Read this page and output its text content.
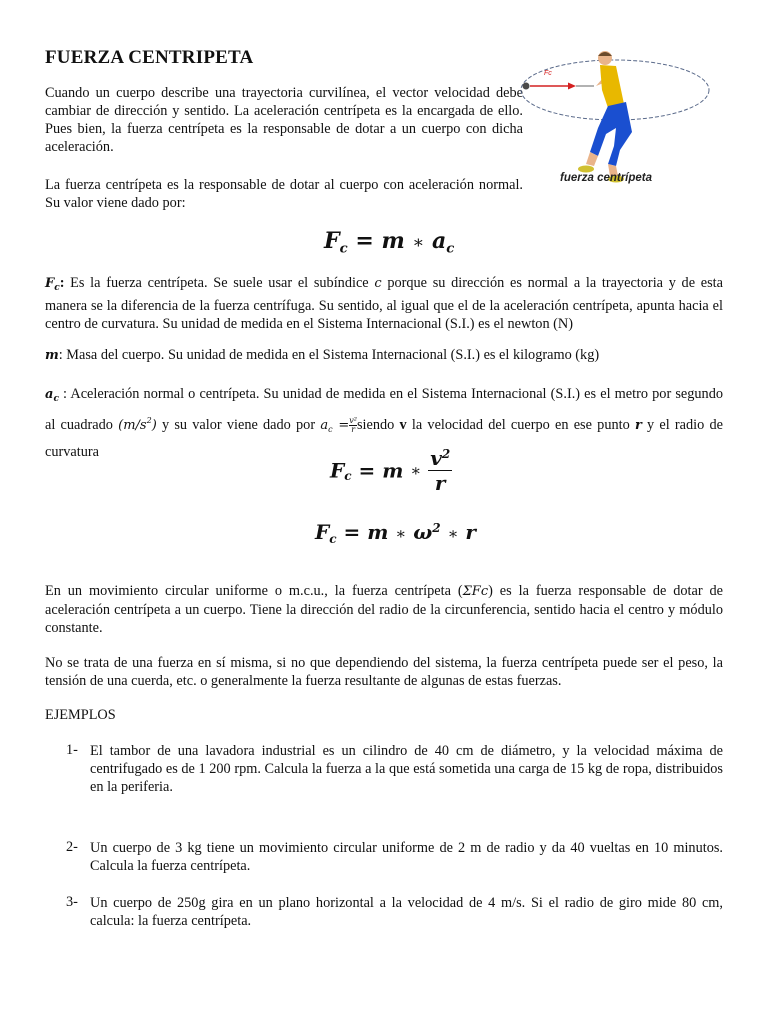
FUERZA CENTRIPETA

Cuando un cuerpo describe una trayectoria curvilínea, el vector velocidad debe cambiar de dirección y sentido. La aceleración centrípeta es la encargada de ello. Pues bien, la fuerza centrípeta es la responsable de dotar a un cuerpo con dicha aceleración.

La fuerza centrípeta es la responsable de dotar al cuerpo con aceleración normal. Su valor viene dado por:

Fc
fuerza centrípeta
$F_c = m$ ∗ $a_c$

$F_c$: Es la fuerza centrípeta. Se suele usar el subíndice c porque su dirección es normal a la trayectoria y de esta manera se la diferencia de la fuerza centrífuga. Su sentido, al igual que el de la aceleración centrípeta, apunta hacia el centro de curvatura. Su unidad de medida en el Sistema Internacional (S.I.) es el newton (N)

m: Masa del cuerpo. Su unidad de medida en el Sistema Internacional (S.I.) es el kilogramo (kg)

$a_c$ : Aceleración normal o centrípeta. Su unidad de medida en el Sistema Internacional (S.I.) es el metro por segundo al cuadrado $(m/s^2)$ y su valor viene dado por $a_c$ = $\frac{\text{v²}}{r}siendo$ v la velocidad del cuerpo en ese punto r y el radio de curvatura

$F_c = m$ ∗ $\frac{v^2}{r}$
$F_c = m$ ∗ $\omega^2$ ∗ r

En un movimiento circular uniforme o m.c.u., la fuerza centrípeta (ΣFc) es la fuerza responsable de dotar de aceleración centrípeta a un cuerpo. Tiene la dirección del radio de la circunferencia, sentido hacia el centro y módulo constante.

No se trata de una fuerza en sí misma, si no que dependiendo del sistema, la fuerza centrípeta puede ser el peso, la tensión de una cuerda, etc. o generalmente la fuerza resultante de algunas de estas fuerzas.

EJEMPLOS
1- El tambor de una lavadora industrial es un cilindro de 40 cm de diámetro, y la velocidad máxima de centrifugado es de 1 200 rpm. Calcula la fuerza a la que está sometida una carga de 15 kg de ropa, distribuidos en la periferia.

2- Un cuerpo de 3 kg tiene un movimiento circular uniforme de 2 m de radio y da 40 vueltas en 10 minutos. Calcula la fuerza centrípeta.

3- Un cuerpo de 250g gira en un plano horizontal a la velocidad de 4 m/s. Si el radio de giro mide 80 cm, calcula: la fuerza centrípeta.
